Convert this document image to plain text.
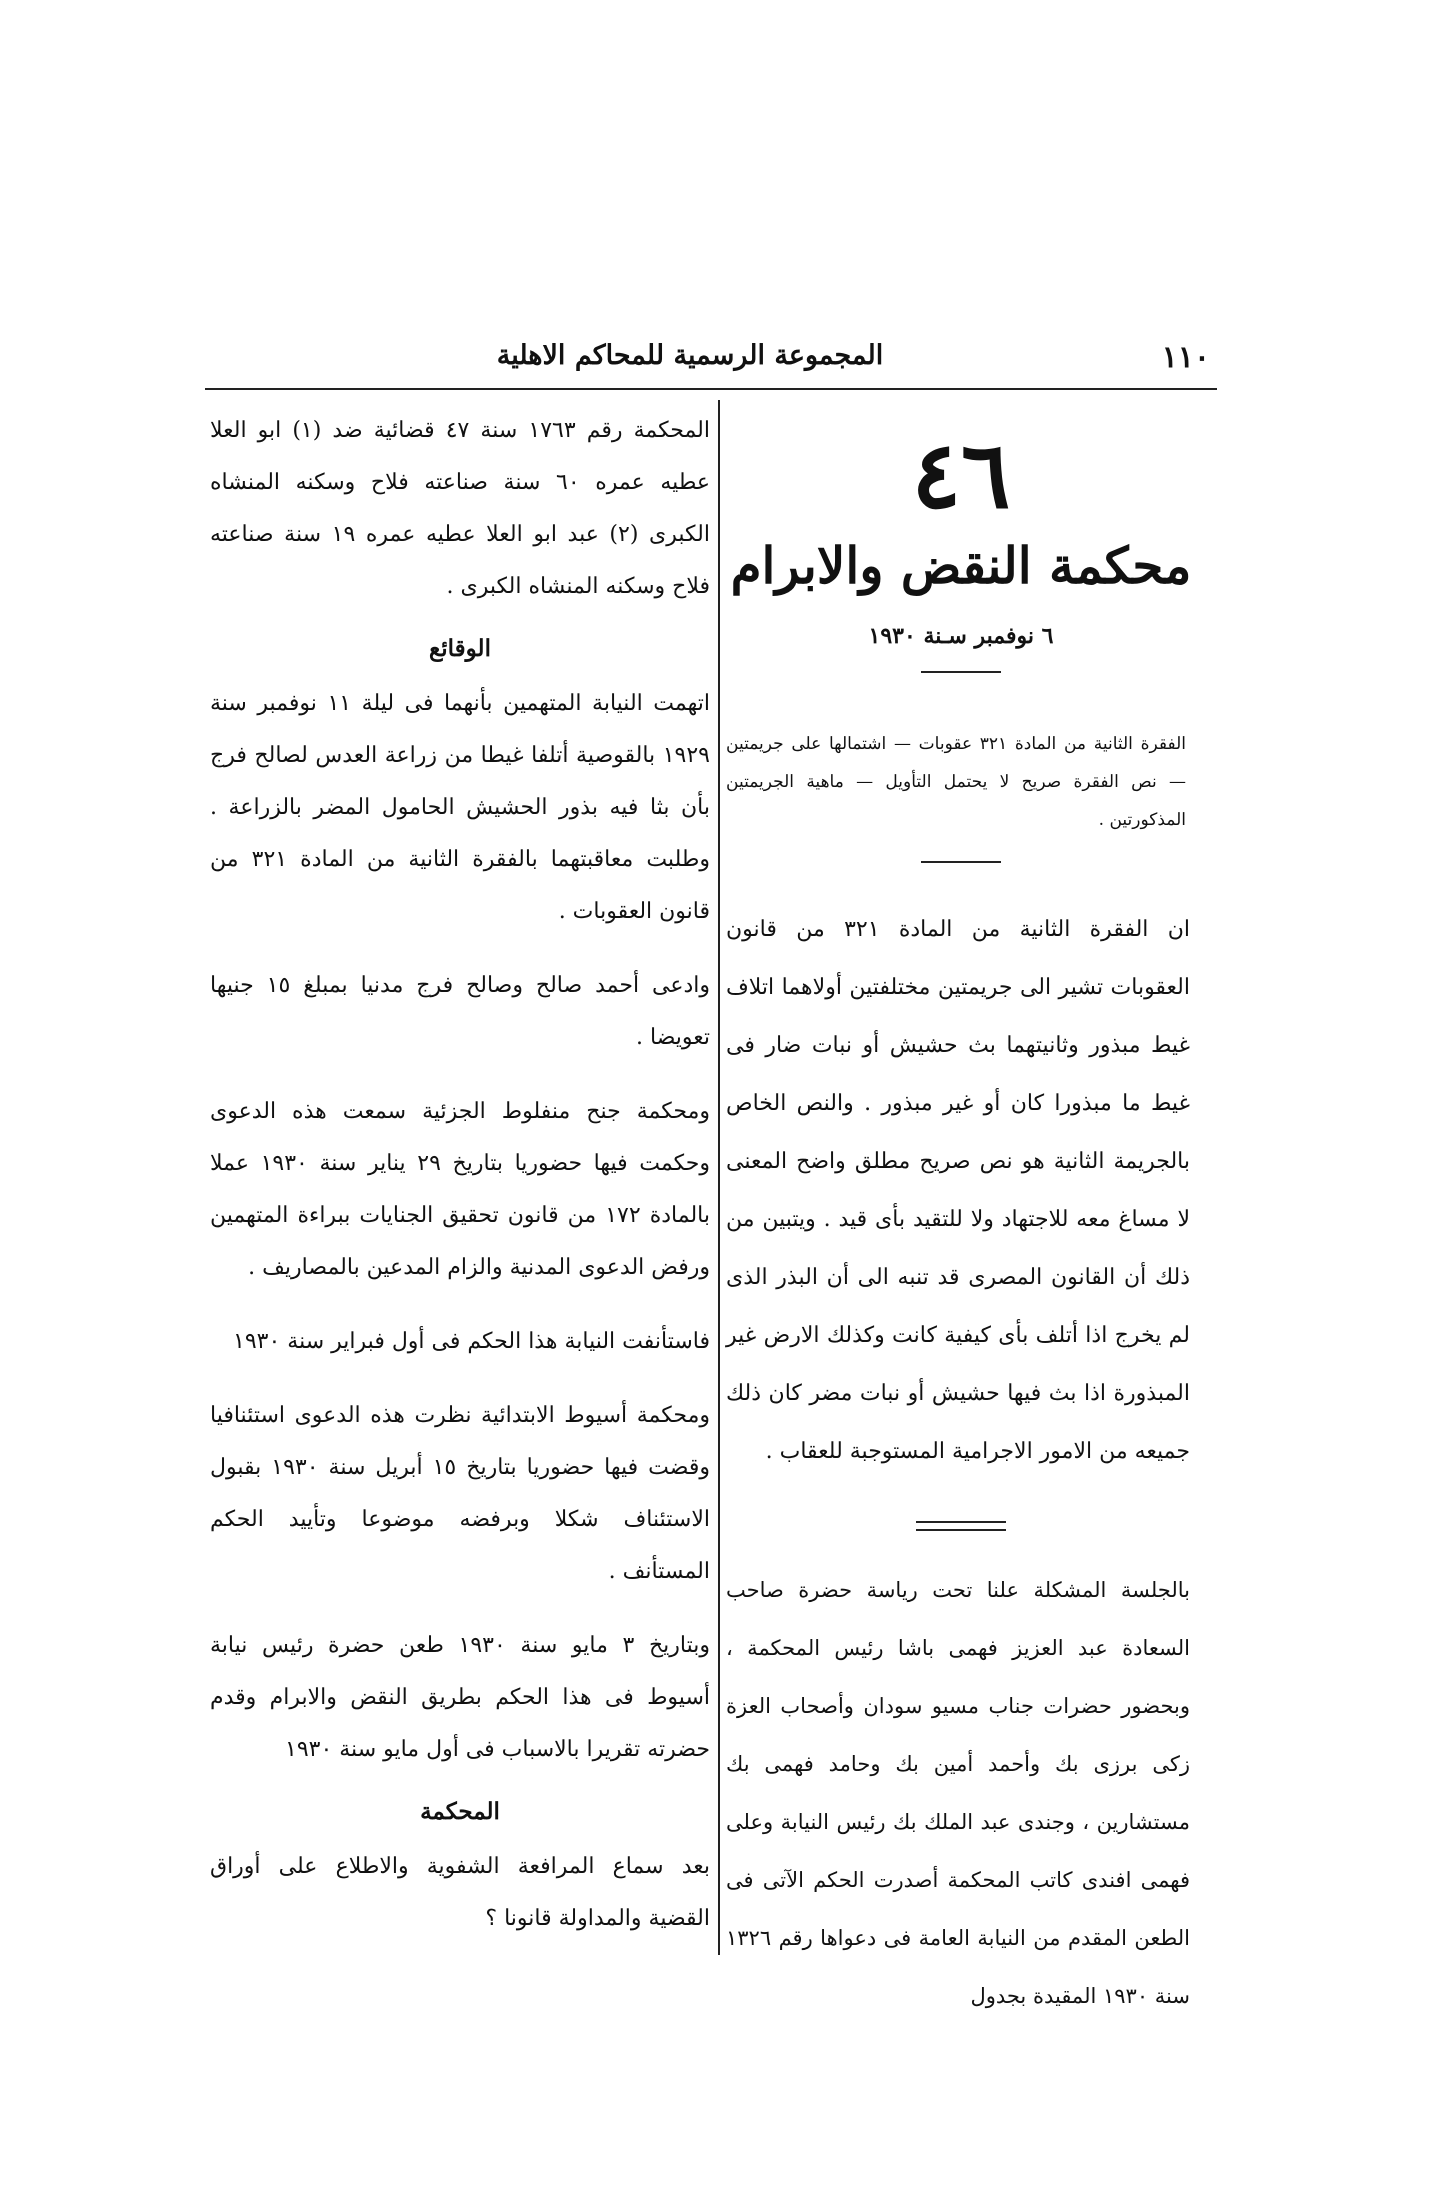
١١٠
المجموعة الرسمية للمحاكم الاهلية
٤٦
محكمة النقض والابرام
٦ نوفمبر سـنة ١٩٣٠
الفقرة الثانية من المادة ٣٢١ عقوبات — اشتمالها على جريمتين — نص الفقرة صريح لا يحتمل التأويل — ماهية الجريمتين المذكورتين .
ان الفقرة الثانية من المادة ٣٢١ من قانون العقوبات تشير الى جريمتين مختلفتين أولاهما اتلاف غيط مبذور وثانيتهما بث حشيش أو نبات ضار فى غيط ما مبذورا كان أو غير مبذور . والنص الخاص بالجريمة الثانية هو نص صريح مطلق واضح المعنى لا مساغ معه للاجتهاد ولا للتقيد بأى قيد . ويتبين من ذلك أن القانون المصرى قد تنبه الى أن البذر الذى لم يخرج اذا أتلف بأى كيفية كانت وكذلك الارض غير المبذورة اذا بث فيها حشيش أو نبات مضر كان ذلك جميعه من الامور الاجرامية المستوجبة للعقاب .
بالجلسة المشكلة علنا تحت رياسة حضرة صاحب السعادة عبد العزيز فهمى باشا رئيس المحكمة ، وبحضور حضرات جناب مسيو سودان وأصحاب العزة زكى برزى بك وأحمد أمين بك وحامد فهمى بك مستشارين ، وجندى عبد الملك بك رئيس النيابة وعلى فهمى افندى كاتب المحكمة أصدرت الحكم الآتى فى الطعن المقدم من النيابة العامة فى دعواها رقم ١٣٢٦ سنة ١٩٣٠ المقيدة بجدول

المحكمة رقم ١٧٦٣ سنة ٤٧ قضائية ضد (١) ابو العلا عطيه عمره ٦٠ سنة صناعته فلاح وسكنه المنشاه الكبرى (٢) عبد ابو العلا عطيه عمره ١٩ سنة صناعته فلاح وسكنه المنشاه الكبرى .

الوقائع

اتهمت النيابة المتهمين بأنهما فى ليلة ١١ نوفمبر سنة ١٩٢٩ بالقوصية أتلفا غيطا من زراعة العدس لصالح فرج بأن بثا فيه بذور الحشيش الحامول المضر بالزراعة . وطلبت معاقبتهما بالفقرة الثانية من المادة ٣٢١ من قانون العقوبات .

وادعى أحمد صالح وصالح فرج مدنيا بمبلغ ١٥ جنيها تعويضا .

ومحكمة جنح منفلوط الجزئية سمعت هذه الدعوى وحكمت فيها حضوريا بتاريخ ٢٩ يناير سنة ١٩٣٠ عملا بالمادة ١٧٢ من قانون تحقيق الجنايات ببراءة المتهمين ورفض الدعوى المدنية والزام المدعين بالمصاريف .

فاستأنفت النيابة هذا الحكم فى أول فبراير سنة ١٩٣٠

ومحكمة أسيوط الابتدائية نظرت هذه الدعوى استئنافيا وقضت فيها حضوريا بتاريخ ١٥ أبريل سنة ١٩٣٠ بقبول الاستئناف شكلا وبرفضه موضوعا وتأييد الحكم المستأنف .

وبتاريخ ٣ مايو سنة ١٩٣٠ طعن حضرة رئيس نيابة أسيوط فى هذا الحكم بطريق النقض والابرام وقدم حضرته تقريرا بالاسباب فى أول مايو سنة ١٩٣٠

المحكمة

بعد سماع المرافعة الشفوية والاطلاع على أوراق القضية والمداولة قانونا ؟
